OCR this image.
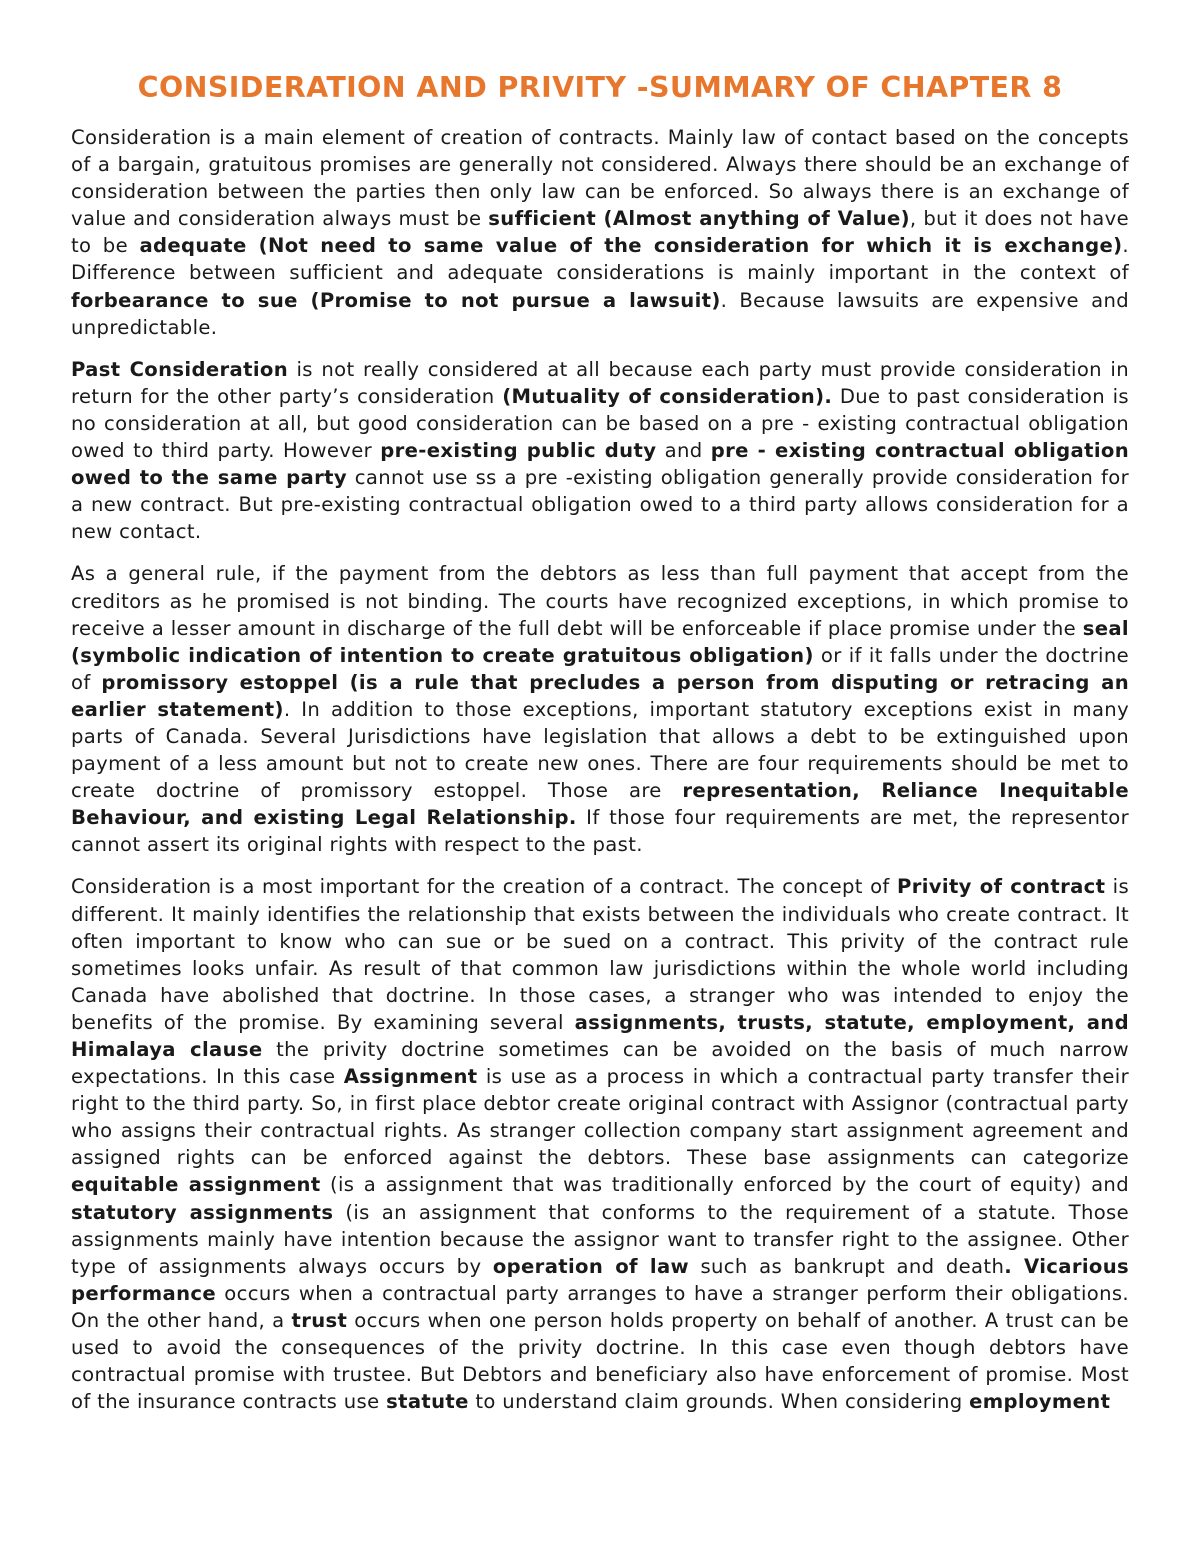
CONSIDERATION AND PRIVITY -SUMMARY OF CHAPTER 8

Consideration is a main element of creation of contracts. Mainly law of contact based on the concepts of a bargain, gratuitous promises are generally not considered. Always there should be an exchange of consideration between the parties then only law can be enforced. So always there is an exchange of value and consideration always must be sufficient (Almost anything of Value), but it does not have to be adequate (Not need to same value of the consideration for which it is exchange). Difference between sufficient and adequate considerations is mainly important in the context of forbearance to sue (Promise to not pursue a lawsuit). Because lawsuits are expensive and unpredictable.

Past Consideration is not really considered at all because each party must provide consideration in return for the other party’s consideration (Mutuality of consideration). Due to past consideration is no consideration at all, but good consideration can be based on a pre - existing contractual obligation owed to third party. However pre-existing public duty and pre - existing contractual obligation owed to the same party cannot use ss a pre -existing obligation generally provide consideration for a new contract. But pre-existing contractual obligation owed to a third party allows consideration for a new contact.

As a general rule, if the payment from the debtors as less than full payment that accept from the creditors as he promised is not binding. The courts have recognized exceptions, in which promise to receive a lesser amount in discharge of the full debt will be enforceable if place promise under the seal (symbolic indication of intention to create gratuitous obligation) or if it falls under the doctrine of promissory estoppel (is a rule that precludes a person from disputing or retracing an earlier statement). In addition to those exceptions, important statutory exceptions exist in many parts of Canada. Several Jurisdictions have legislation that allows a debt to be extinguished upon payment of a less amount but not to create new ones. There are four requirements should be met to create doctrine of promissory estoppel. Those are representation, Reliance Inequitable Behaviour, and existing Legal Relationship. If those four requirements are met, the representor cannot assert its original rights with respect to the past.

Consideration is a most important for the creation of a contract. The concept of Privity of contract is different. It mainly identifies the relationship that exists between the individuals who create contract. It often important to know who can sue or be sued on a contract. This privity of the contract rule sometimes looks unfair. As result of that common law jurisdictions within the whole world including Canada have abolished that doctrine. In those cases, a stranger who was intended to enjoy the benefits of the promise. By examining several assignments, trusts, statute, employment, and Himalaya clause the privity doctrine sometimes can be avoided on the basis of much narrow expectations. In this case Assignment is use as a process in which a contractual party transfer their right to the third party. So, in first place debtor create original contract with Assignor (contractual party who assigns their contractual rights. As stranger collection company start assignment agreement and assigned rights can be enforced against the debtors. These base assignments can categorize equitable assignment (is a assignment that was traditionally enforced by the court of equity) and statutory assignments (is an assignment that conforms to the requirement of a statute. Those assignments mainly have intention because the assignor want to transfer right to the assignee. Other type of assignments always occurs by operation of law such as bankrupt and death. Vicarious performance occurs when a contractual party arranges to have a stranger perform their obligations. On the other hand, a trust occurs when one person holds property on behalf of another. A trust can be used to avoid the consequences of the privity doctrine. In this case even though debtors have contractual promise with trustee. But Debtors and beneficiary also have enforcement of promise. Most of the insurance contracts use statute to understand claim grounds. When considering employment
